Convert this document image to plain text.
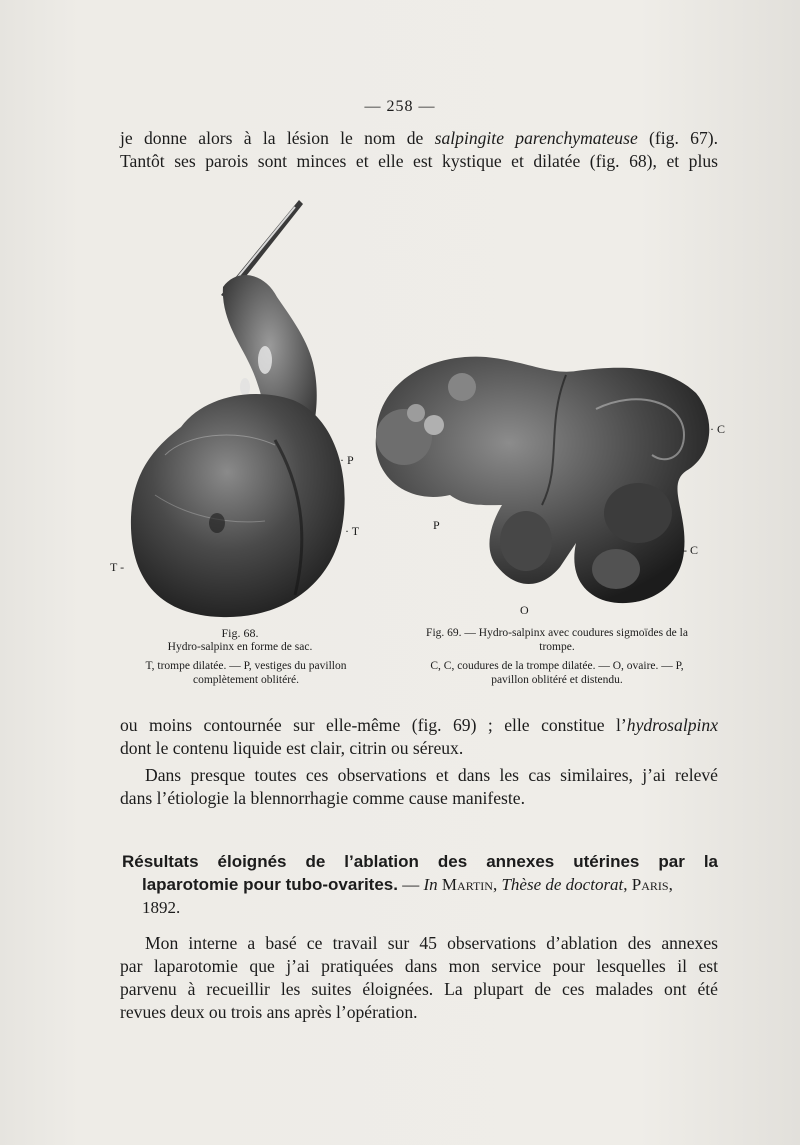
— 258 —
je donne alors à la lésion le nom de salpingite parenchymateuse (fig. 67).
Tantôt ses parois sont minces et elle est kystique et dilatée (fig. 68), et plus
· P
· T
T -
· C
- C
P
O
Fig. 68.
Hydro-salpinx en forme de sac.
T, trompe dilatée. — P, vestiges du pavillon
complètement oblitéré.
Fig. 69. — Hydro-salpinx avec coudures sigmoïdes de la
trompe.
C, C, coudures de la trompe dilatée. — O, ovaire. — P,
pavillon oblitéré et distendu.
ou moins contournée sur elle-même (fig. 69) ; elle constitue l’hydrosalpinx
dont le contenu liquide est clair, citrin ou séreux.
Dans presque toutes ces observations et dans les cas similaires, j’ai relevé
dans l’étiologie la blennorrhagie comme cause manifeste.
Résultats éloignés de l’ablation des annexes utérines par la
laparotomie pour tubo-ovarites. — In Martin, Thèse de doctorat, Paris,
1892.
Mon interne a basé ce travail sur 45 observations d’ablation des annexes
par laparotomie que j’ai pratiquées dans mon service pour lesquelles il est
parvenu à recueillir les suites éloignées. La plupart de ces malades ont été
revues deux ou trois ans après l’opération.
